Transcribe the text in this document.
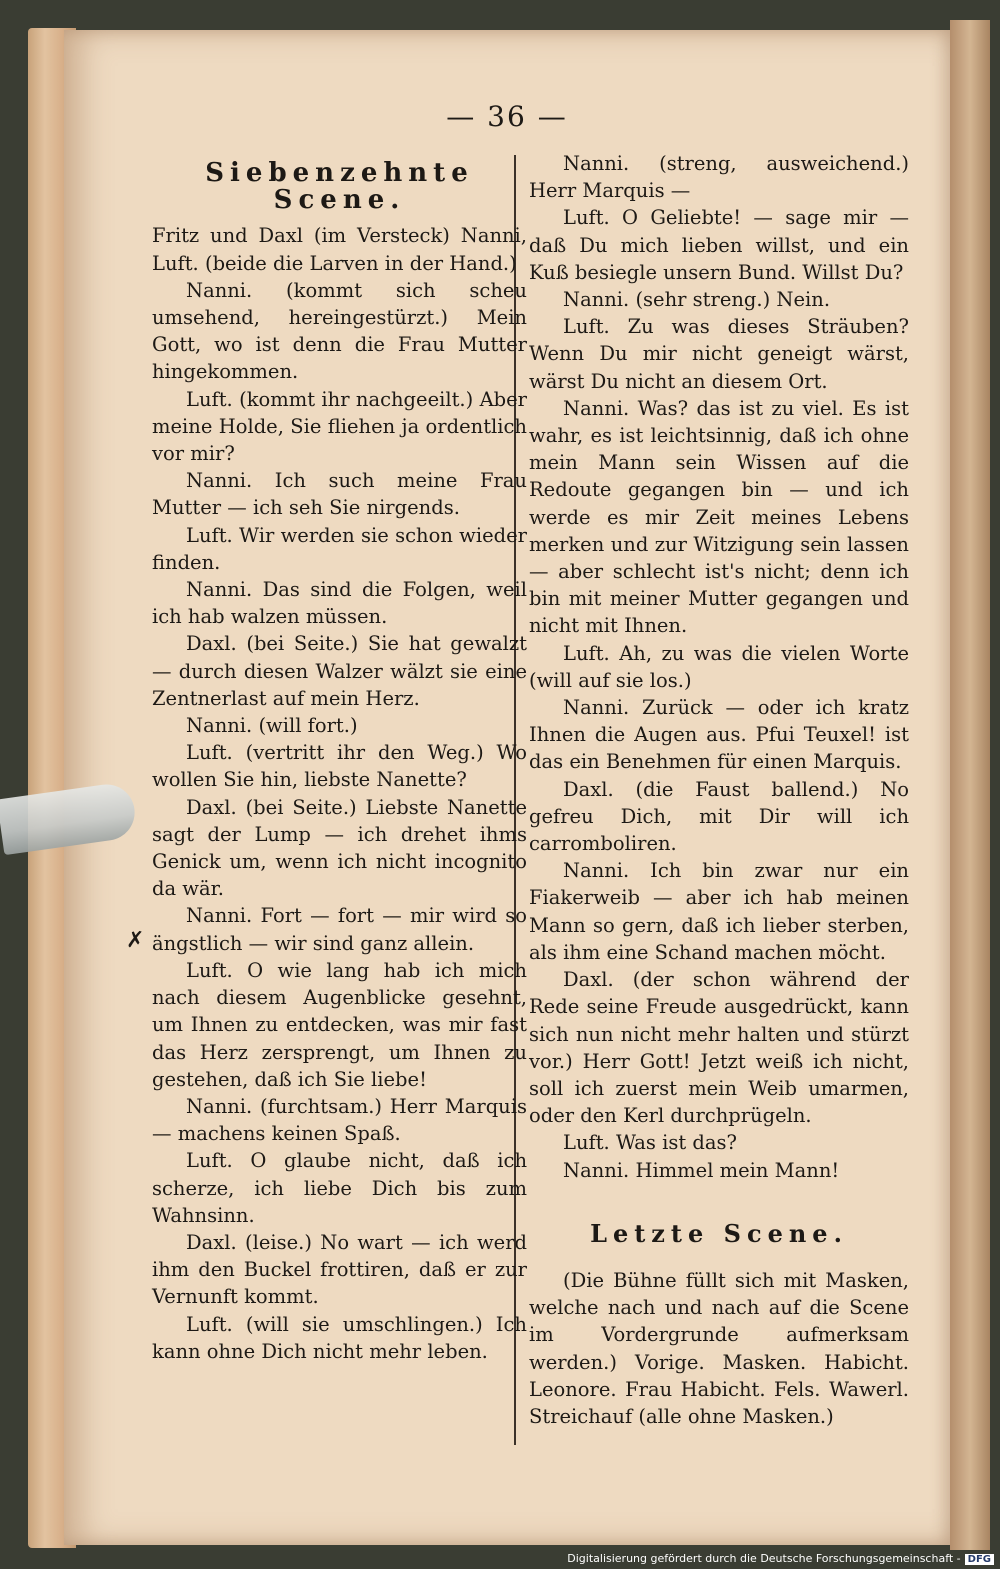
— 36 —
Siebenzehnte Scene.

Fritz und Daxl (im Versteck) Nanni, Luft. (beide die Larven in der Hand.)

Nanni. (kommt sich scheu umsehend, hereingestürzt.) Mein Gott, wo ist denn die Frau Mutter hingekommen.

Luft. (kommt ihr nachgeeilt.) Aber meine Holde, Sie fliehen ja ordentlich vor mir?

Nanni. Ich such meine Frau Mutter — ich seh Sie nirgends.

Luft. Wir werden sie schon wieder finden.

Nanni. Das sind die Folgen, weil ich hab walzen müssen.

Daxl. (bei Seite.) Sie hat gewalzt — durch diesen Walzer wälzt sie eine Zentnerlast auf mein Herz.

Nanni. (will fort.)

Luft. (vertritt ihr den Weg.) Wo wollen Sie hin, liebste Nanette?

Daxl. (bei Seite.) Liebste Nanette sagt der Lump — ich drehet ihms Genick um, wenn ich nicht incognito da wär.

Nanni. Fort — fort — mir wird so ängstlich — wir sind ganz allein.

Luft. O wie lang hab ich mich nach diesem Augenblicke gesehnt, um Ihnen zu entdecken, was mir fast das Herz zersprengt, um Ihnen zu gestehen, daß ich Sie liebe!

Nanni. (furchtsam.) Herr Marquis — machens keinen Spaß.

Luft. O glaube nicht, daß ich scherze, ich liebe Dich bis zum Wahnsinn.

Daxl. (leise.) No wart — ich werd ihm den Buckel frottiren, daß er zur Vernunft kommt.

Luft. (will sie umschlingen.) Ich kann ohne Dich nicht mehr leben.

Nanni. (streng, ausweichend.) Herr Marquis —

Luft. O Geliebte! — sage mir — daß Du mich lieben willst, und ein Kuß besiegle unsern Bund. Willst Du?

Nanni. (sehr streng.) Nein.

Luft. Zu was dieses Sträuben? Wenn Du mir nicht geneigt wärst, wärst Du nicht an diesem Ort.

Nanni. Was? das ist zu viel. Es ist wahr, es ist leichtsinnig, daß ich ohne mein Mann sein Wissen auf die Redoute gegangen bin — und ich werde es mir Zeit meines Lebens merken und zur Witzigung sein lassen — aber schlecht ist's nicht; denn ich bin mit meiner Mutter gegangen und nicht mit Ihnen.

Luft. Ah, zu was die vielen Worte (will auf sie los.)

Nanni. Zurück — oder ich kratz Ihnen die Augen aus. Pfui Teuxel! ist das ein Benehmen für einen Marquis.

Daxl. (die Faust ballend.) No gefreu Dich, mit Dir will ich carromboliren.

Nanni. Ich bin zwar nur ein Fiakerweib — aber ich hab meinen Mann so gern, daß ich lieber sterben, als ihm eine Schand machen möcht.

Daxl. (der schon während der Rede seine Freude ausgedrückt, kann sich nun nicht mehr halten und stürzt vor.) Herr Gott! Jetzt weiß ich nicht, soll ich zuerst mein Weib umarmen, oder den Kerl durchprügeln.

Luft. Was ist das?

Nanni. Himmel mein Mann!

Letzte Scene.

(Die Bühne füllt sich mit Masken, welche nach und nach auf die Scene im Vordergrunde aufmerksam werden.) Vorige. Masken. Habicht. Leonore. Frau Habicht. Fels. Wawerl. Streichauf (alle ohne Masken.)

✗
Digitalisierung gefördert durch die Deutsche Forschungsgemeinschaft - DFG
